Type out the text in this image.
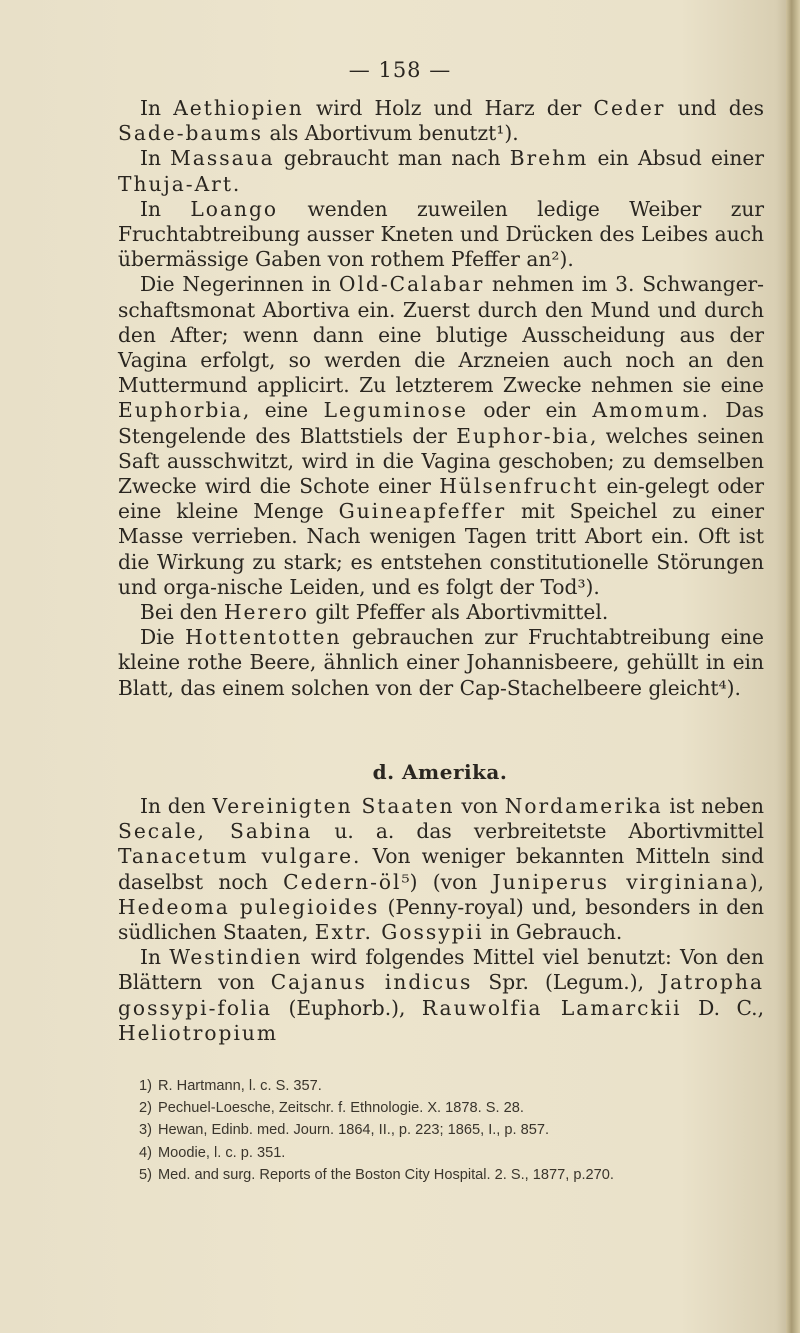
— 158 —

In Aethiopien wird Holz und Harz der Ceder und des Sade-baums als Abortivum benutzt¹).

In Massaua gebraucht man nach Brehm ein Absud einer Thuja-Art.

In Loango wenden zuweilen ledige Weiber zur Fruchtabtreibung ausser Kneten und Drücken des Leibes auch übermässige Gaben von rothem Pfeffer an²).

Die Negerinnen in Old-Calabar nehmen im 3. Schwanger-schaftsmonat Abortiva ein. Zuerst durch den Mund und durch den After; wenn dann eine blutige Ausscheidung aus der Vagina erfolgt, so werden die Arzneien auch noch an den Muttermund applicirt. Zu letzterem Zwecke nehmen sie eine Euphorbia, eine Leguminose oder ein Amomum. Das Stengelende des Blattstiels der Euphor-bia, welches seinen Saft ausschwitzt, wird in die Vagina geschoben; zu demselben Zwecke wird die Schote einer Hülsenfrucht ein-gelegt oder eine kleine Menge Guineapfeffer mit Speichel zu einer Masse verrieben. Nach wenigen Tagen tritt Abort ein. Oft ist die Wirkung zu stark; es entstehen constitutionelle Störungen und orga-nische Leiden, und es folgt der Tod³).

Bei den Herero gilt Pfeffer als Abortivmittel.

Die Hottentotten gebrauchen zur Fruchtabtreibung eine kleine rothe Beere, ähnlich einer Johannisbeere, gehüllt in ein Blatt, das einem solchen von der Cap-Stachelbeere gleicht⁴).

d. Amerika.

In den Vereinigten Staaten von Nordamerika ist neben Secale, Sabina u. a. das verbreitetste Abortivmittel Tanacetum vulgare. Von weniger bekannten Mitteln sind daselbst noch Cedern-öl⁵) (von Juniperus virginiana), Hedeoma pulegioides (Penny-royal) und, besonders in den südlichen Staaten, Extr. Gossypii in Gebrauch.

In Westindien wird folgendes Mittel viel benutzt: Von den Blättern von Cajanus indicus Spr. (Legum.), Jatropha gossypi-folia (Euphorb.), Rauwolfia Lamarckii D. C., Heliotropium

1) R. Hartmann, l. c. S. 357.
2) Pechuel-Loesche, Zeitschr. f. Ethnologie. X. 1878. S. 28.
3) Hewan, Edinb. med. Journ. 1864, II., p. 223; 1865, I., p. 857.
4) Moodie, l. c. p. 351.
5) Med. and surg. Reports of the Boston City Hospital. 2. S., 1877, p.270.
